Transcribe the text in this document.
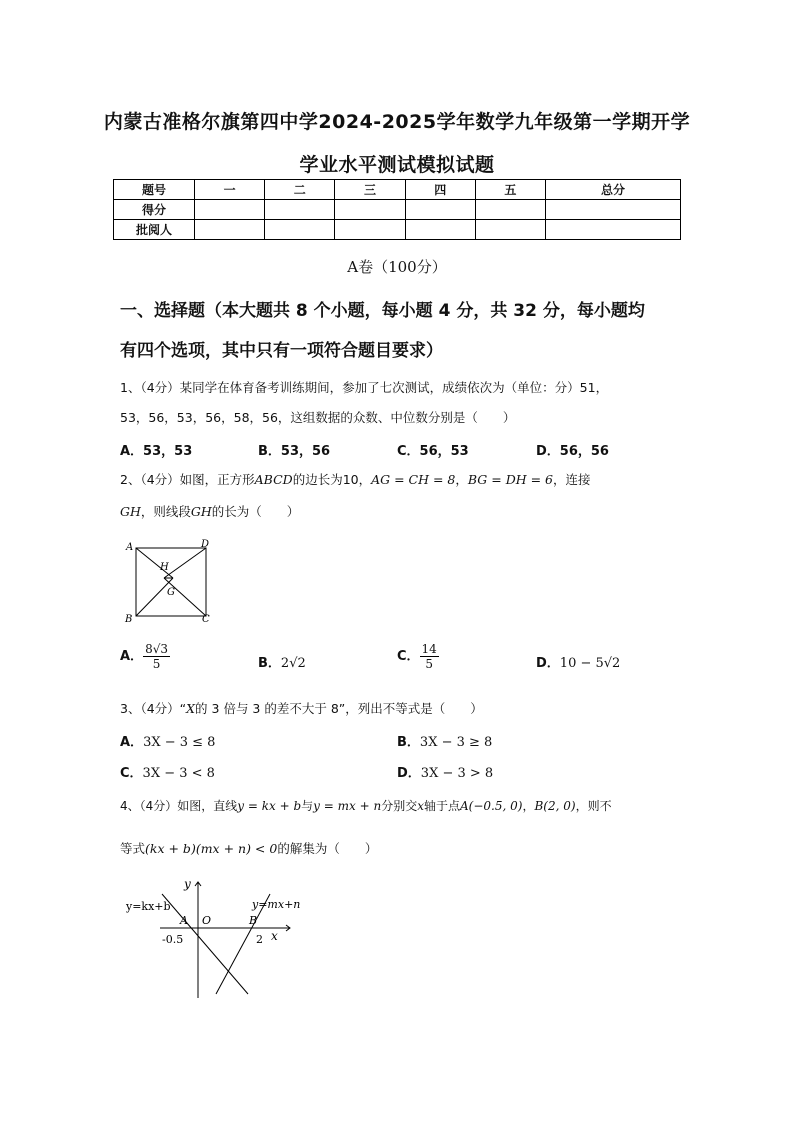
内蒙古准格尔旗第四中学2024-2025学年数学九年级第一学期开学
学业水平测试模拟试题
题号	一	二	三	四	五	总分
得分						
批阅人						
A卷（100分）
一、选择题（本大题共 8 个小题，每小题 4 分，共 32 分，每小题均
有四个选项，其中只有一项符合题目要求）
1、（4分）某同学在体育备考训练期间，参加了七次测试，成绩依次为（单位：分）51，
53，56，53，56，58，56，这组数据的众数、中位数分别是（　　）
A．53，53	B．53，56	C．56，53	D．56，56
2、（4分）如图，正方形ABCD的边长为10，AG = CH = 8，BG = DH = 6，连接
GH，则线段GH的长为（　　）
A	D
H
G
B	C
A． $\frac{8√3}{5}$	B．2√2	C． $\frac{14}{5}$	D．10 − 5√2
3、（4分）“X的 3 倍与 3 的差不大于 8”，列出不等式是（　　）
A．3X − 3 ≤ 8	B．3X − 3 ≥ 8
C．3X − 3 < 8	D．3X − 3 > 8
4、（4分）如图，直线y = kx + b与y = mx + n分别交x轴于点A(−0.5, 0)，B(2, 0)，则不
等式(kx + b)(mx + n) < 0的解集为（　　）
y=kx+b	y=mx+n
y
x
A O	B
-0.5	2
